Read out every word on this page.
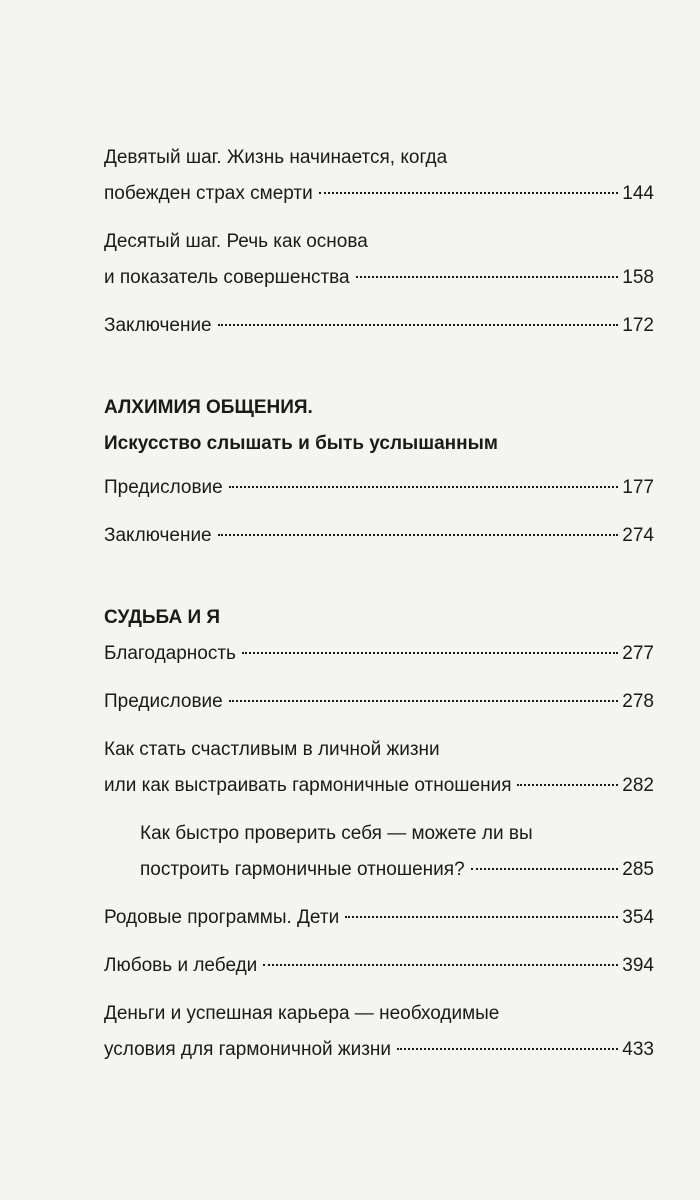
Девятый шаг. Жизнь начинается, когда
побежден страх смерти	144
Десятый шаг. Речь как основа
и показатель совершенства	158
Заключение	172
АЛХИМИЯ ОБЩЕНИЯ.
Искусство слышать и быть услышанным
Предисловие	177
Заключение	274
СУДЬБА И Я
Благодарность	277
Предисловие	278
Как стать счастливым в личной жизни
или как выстраивать гармоничные отношения	282
Как быстро проверить себя — можете ли вы
построить гармоничные отношения?	285
Родовые программы. Дети	354
Любовь и лебеди	394
Деньги и успешная карьера — необходимые
условия для гармоничной жизни	433
